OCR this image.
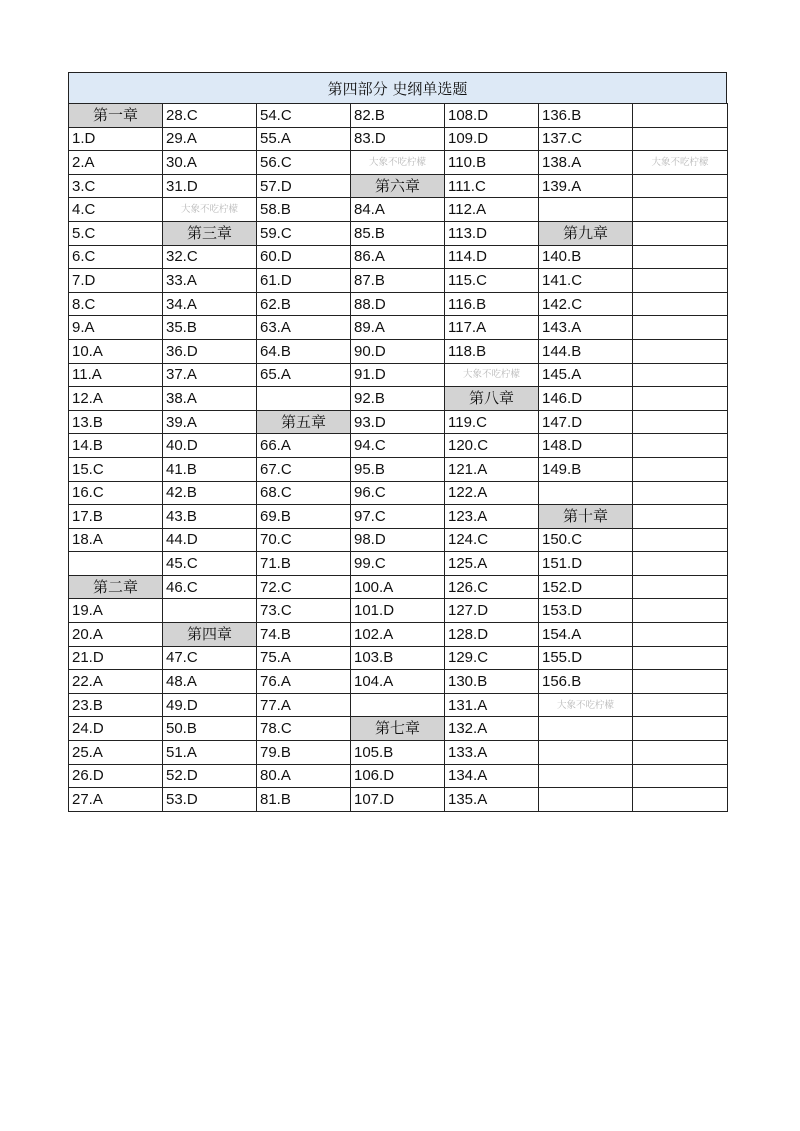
第四部分 史纲单选题
第一章	28.C	54.C	82.B	108.D	136.B	
1.D	29.A	55.A	83.D	109.D	137.C	
2.A	30.A	56.C	大象不吃柠檬	110.B	138.A	大象不吃柠檬
3.C	31.D	57.D	第六章	111.C	139.A	
4.C	大象不吃柠檬	58.B	84.A	112.A		
5.C	第三章	59.C	85.B	113.D	第九章	
6.C	32.C	60.D	86.A	114.D	140.B	
7.D	33.A	61.D	87.B	115.C	141.C	
8.C	34.A	62.B	88.D	116.B	142.C	
9.A	35.B	63.A	89.A	117.A	143.A	
10.A	36.D	64.B	90.D	118.B	144.B	
11.A	37.A	65.A	91.D	大象不吃柠檬	145.A	
12.A	38.A		92.B	第八章	146.D	
13.B	39.A	第五章	93.D	119.C	147.D	
14.B	40.D	66.A	94.C	120.C	148.D	
15.C	41.B	67.C	95.B	121.A	149.B	
16.C	42.B	68.C	96.C	122.A		
17.B	43.B	69.B	97.C	123.A	第十章	
18.A	44.D	70.C	98.D	124.C	150.C	
	45.C	71.B	99.C	125.A	151.D	
第二章	46.C	72.C	100.A	126.C	152.D	
19.A		73.C	101.D	127.D	153.D	
20.A	第四章	74.B	102.A	128.D	154.A	
21.D	47.C	75.A	103.B	129.C	155.D	
22.A	48.A	76.A	104.A	130.B	156.B	
23.B	49.D	77.A		131.A	大象不吃柠檬	
24.D	50.B	78.C	第七章	132.A		
25.A	51.A	79.B	105.B	133.A		
26.D	52.D	80.A	106.D	134.A		
27.A	53.D	81.B	107.D	135.A		
